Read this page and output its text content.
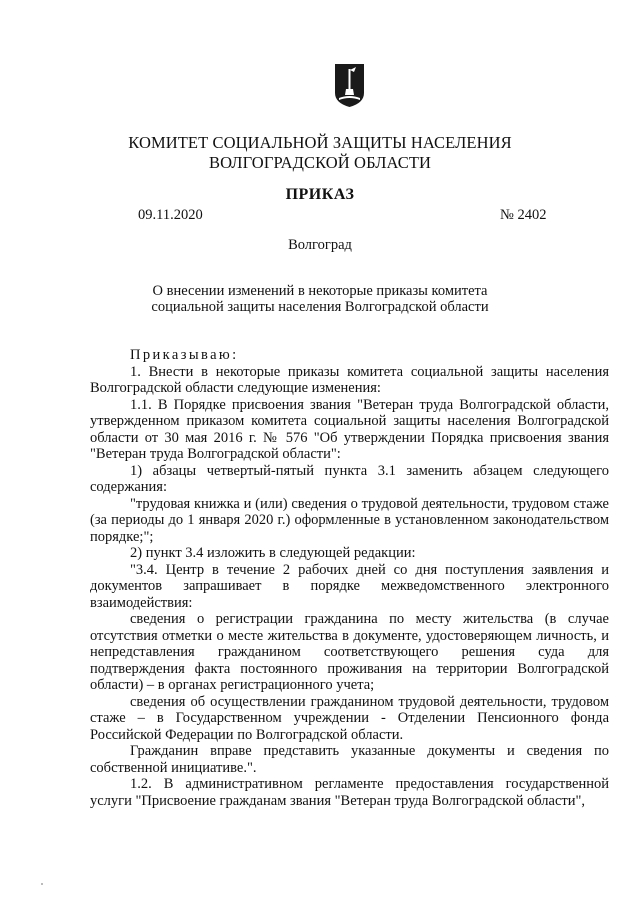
КОМИТЕТ СОЦИАЛЬНОЙ ЗАЩИТЫ НАСЕЛЕНИЯ
ВОЛГОГРАДСКОЙ ОБЛАСТИ
ПРИКАЗ
09.11.2020	№ 2402
Волгоград
О внесении изменений в некоторые приказы комитета
социальной защиты населения Волгоградской области

Приказываю:

1. Внести в некоторые приказы комитета социальной защиты населения Волгоградской области следующие изменения:

1.1. В Порядке присвоения звания "Ветеран труда Волгоградской области, утвержденном приказом комитета социальной защиты населения Волгоградской области от 30 мая 2016 г. № 576 "Об утверждении Порядка присвоения звания "Ветеран труда Волгоградской области":

1) абзацы четвертый-пятый пункта 3.1 заменить абзацем следующего содержания:

"трудовая книжка и (или) сведения о трудовой деятельности, трудовом стаже (за периоды до 1 января 2020 г.) оформленные в установленном законодательством порядке;";

2) пункт 3.4 изложить в следующей редакции:

"3.4. Центр в течение 2 рабочих дней со дня поступления заявления и документов запрашивает в порядке межведомственного электронного взаимодействия:

сведения о регистрации гражданина по месту жительства (в случае отсутствия отметки о месте жительства в документе, удостоверяющем личность, и непредставления гражданином соответствующего решения суда для подтверждения факта постоянного проживания на территории Волгоградской области) – в органах регистрационного учета;

сведения об осуществлении гражданином трудовой деятельности, трудовом стаже – в Государственном учреждении - Отделении Пенсионного фонда Российской Федерации по Волгоградской области.

Гражданин вправе представить указанные документы и сведения по собственной инициативе.".

1.2. В административном регламенте предоставления государственной услуги "Присвоение гражданам звания "Ветеран труда Волгоградской области",
